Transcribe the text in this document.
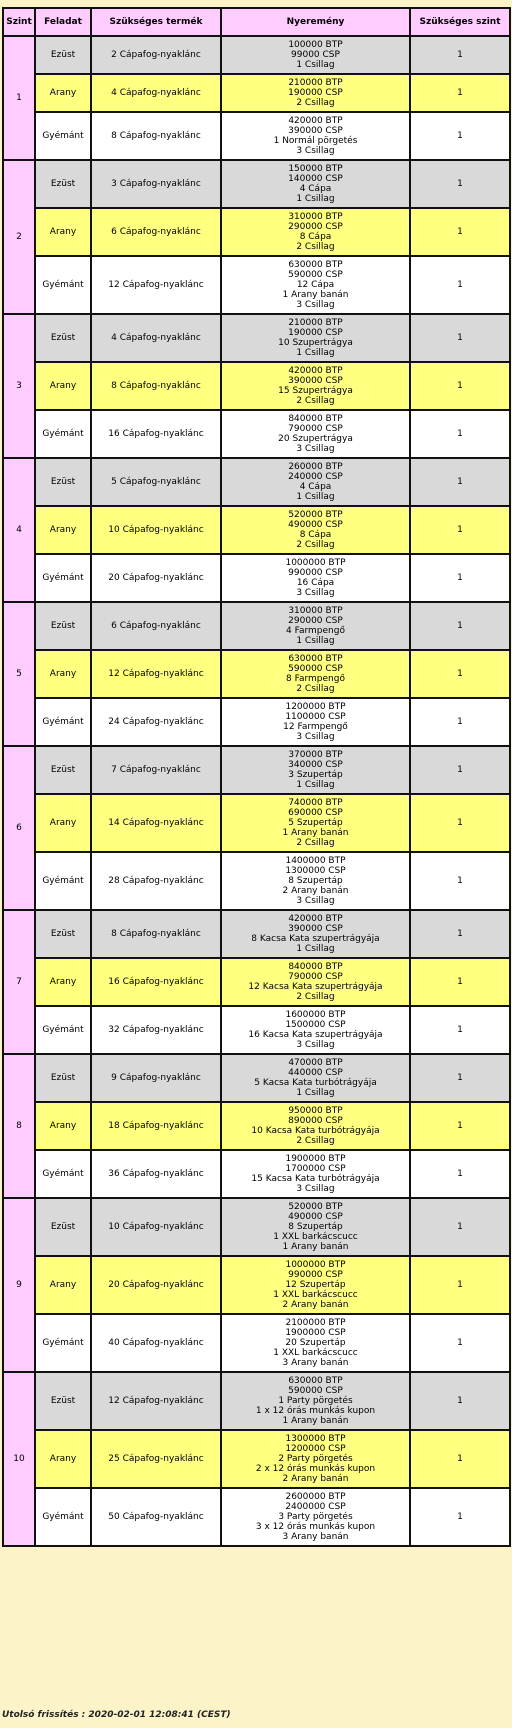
Szint	Feladat	Szükséges termék	Nyeremény	Szükséges szint
1	Ezüst	2 Cápafog-nyaklánc	100000 BTP
99000 CSP
1 Csillag	1
	Arany	4 Cápafog-nyaklánc	210000 BTP
190000 CSP
2 Csillag	1
	Gyémánt	8 Cápafog-nyaklánc	420000 BTP
390000 CSP
1 Normál pörgetés
3 Csillag	1
2	Ezüst	3 Cápafog-nyaklánc	150000 BTP
140000 CSP
4 Cápa
1 Csillag	1
	Arany	6 Cápafog-nyaklánc	310000 BTP
290000 CSP
8 Cápa
2 Csillag	1
	Gyémánt	12 Cápafog-nyaklánc	630000 BTP
590000 CSP
12 Cápa
1 Arany banán
3 Csillag	1
3	Ezüst	4 Cápafog-nyaklánc	210000 BTP
190000 CSP
10 Szupertrágya
1 Csillag	1
	Arany	8 Cápafog-nyaklánc	420000 BTP
390000 CSP
15 Szupertrágya
2 Csillag	1
	Gyémánt	16 Cápafog-nyaklánc	840000 BTP
790000 CSP
20 Szupertrágya
3 Csillag	1
4	Ezüst	5 Cápafog-nyaklánc	260000 BTP
240000 CSP
4 Cápa
1 Csillag	1
	Arany	10 Cápafog-nyaklánc	520000 BTP
490000 CSP
8 Cápa
2 Csillag	1
	Gyémánt	20 Cápafog-nyaklánc	1000000 BTP
990000 CSP
16 Cápa
3 Csillag	1
5	Ezüst	6 Cápafog-nyaklánc	310000 BTP
290000 CSP
4 Farmpengő
1 Csillag	1
	Arany	12 Cápafog-nyaklánc	630000 BTP
590000 CSP
8 Farmpengő
2 Csillag	1
	Gyémánt	24 Cápafog-nyaklánc	1200000 BTP
1100000 CSP
12 Farmpengő
3 Csillag	1
6	Ezüst	7 Cápafog-nyaklánc	370000 BTP
340000 CSP
3 Szupertáp
1 Csillag	1
	Arany	14 Cápafog-nyaklánc	740000 BTP
690000 CSP
5 Szupertáp
1 Arany banán
2 Csillag	1
	Gyémánt	28 Cápafog-nyaklánc	1400000 BTP
1300000 CSP
8 Szupertáp
2 Arany banán
3 Csillag	1
7	Ezüst	8 Cápafog-nyaklánc	420000 BTP
390000 CSP
8 Kacsa Kata szupertrágyája
1 Csillag	1
	Arany	16 Cápafog-nyaklánc	840000 BTP
790000 CSP
12 Kacsa Kata szupertrágyája
2 Csillag	1
	Gyémánt	32 Cápafog-nyaklánc	1600000 BTP
1500000 CSP
16 Kacsa Kata szupertrágyája
3 Csillag	1
8	Ezüst	9 Cápafog-nyaklánc	470000 BTP
440000 CSP
5 Kacsa Kata turbótrágyája
1 Csillag	1
	Arany	18 Cápafog-nyaklánc	950000 BTP
890000 CSP
10 Kacsa Kata turbótrágyája
2 Csillag	1
	Gyémánt	36 Cápafog-nyaklánc	1900000 BTP
1700000 CSP
15 Kacsa Kata turbótrágyája
3 Csillag	1
9	Ezüst	10 Cápafog-nyaklánc	520000 BTP
490000 CSP
8 Szupertáp
1 XXL barkácscucc
1 Arany banán	1
	Arany	20 Cápafog-nyaklánc	1000000 BTP
990000 CSP
12 Szupertáp
1 XXL barkácscucc
2 Arany banán	1
	Gyémánt	40 Cápafog-nyaklánc	2100000 BTP
1900000 CSP
20 Szupertáp
1 XXL barkácscucc
3 Arany banán	1
10	Ezüst	12 Cápafog-nyaklánc	630000 BTP
590000 CSP
1 Party pörgetés
1 x 12 órás munkás kupon
1 Arany banán	1
	Arany	25 Cápafog-nyaklánc	1300000 BTP
1200000 CSP
2 Party pörgetés
2 x 12 órás munkás kupon
2 Arany banán	1
	Gyémánt	50 Cápafog-nyaklánc	2600000 BTP
2400000 CSP
3 Party pörgetés
3 x 12 órás munkás kupon
3 Arany banán	1
Utolsó frissítés : 2020-02-01 12:08:41 (CEST)
